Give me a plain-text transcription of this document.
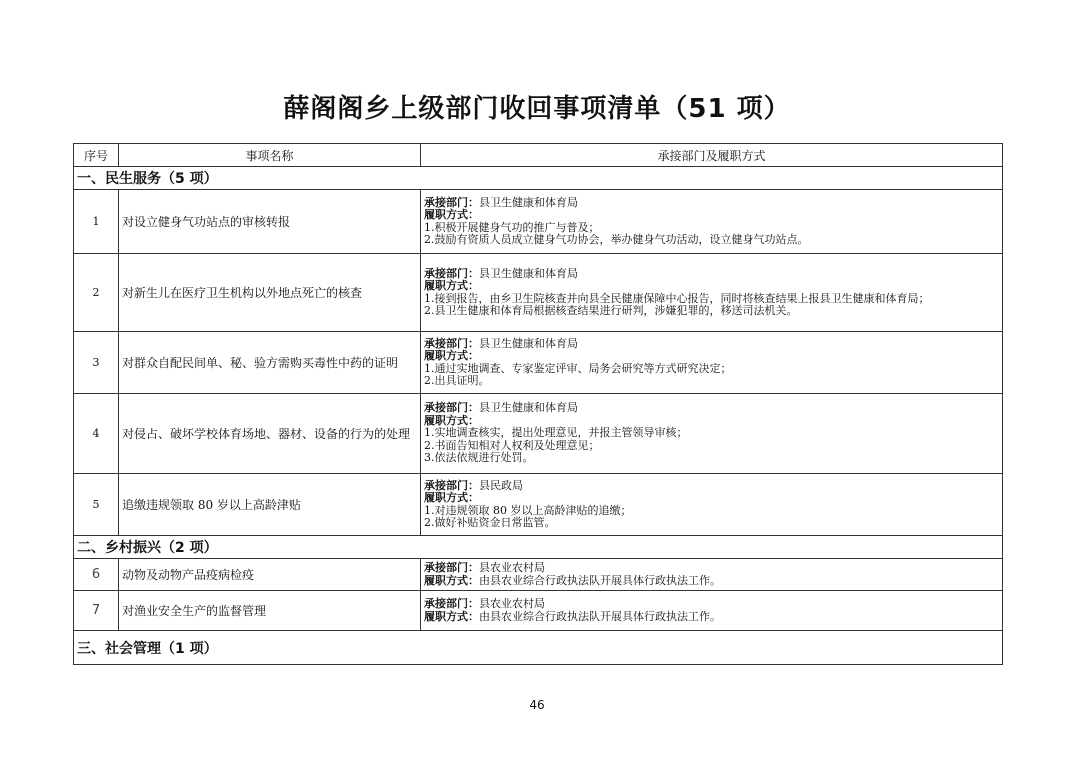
薛阁阁乡上级部门收回事项清单（51 项）
序号	事项名称	承接部门及履职方式
一、民生服务（5 项）		
1	对设立健身气功站点的审核转报	承接部门：县卫生健康和体育局
履职方式：
1.积极开展健身气功的推广与普及；
2.鼓励有资质人员成立健身气功协会，举办健身气功活动，设立健身气功站点。

2	对新生儿在医疗卫生机构以外地点死亡的核查	承接部门：县卫生健康和体育局
履职方式：
1.接到报告，由乡卫生院核查并向县全民健康保障中心报告，同时将核查结果上报县卫生健康和体育局；
2.县卫生健康和体育局根据核查结果进行研判，涉嫌犯罪的，移送司法机关。

3	对群众自配民间单、秘、验方需购买毒性中药的证明	承接部门：县卫生健康和体育局
履职方式：
1.通过实地调查、专家鉴定评审、局务会研究等方式研究决定；
2.出具证明。

4	对侵占、破坏学校体育场地、器材、设备的行为的处理	承接部门：县卫生健康和体育局
履职方式：
1.实地调查核实，提出处理意见，并报主管领导审核；
2.书面告知相对人权利及处理意见；
3.依法依规进行处罚。

5	追缴违规领取 80 岁以上高龄津贴	承接部门：县民政局
履职方式：
1.对违规领取 80 岁以上高龄津贴的追缴；
2.做好补贴资金日常监管。

二、乡村振兴（2 项）		
6	动物及动物产品疫病检疫	承接部门：县农业农村局
履职方式：由县农业综合行政执法队开展具体行政执法工作。

7	对渔业安全生产的监督管理	承接部门：县农业农村局
履职方式：由县农业综合行政执法队开展具体行政执法工作。

三、社会管理（1 项）		
46
